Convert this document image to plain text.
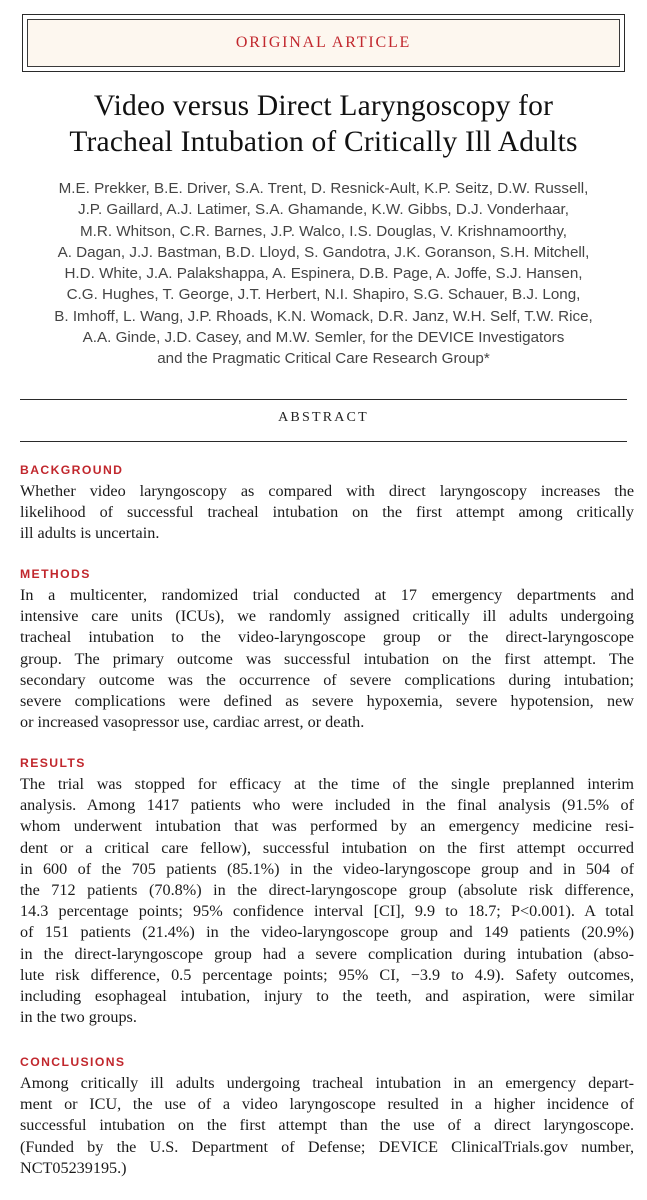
ORIGINAL ARTICLE
Video versus Direct Laryngoscopy for
Tracheal Intubation of Critically Ill Adults
M.E. Prekker, B.E. Driver, S.A. Trent, D. Resnick-Ault, K.P. Seitz, D.W. Russell,
J.P. Gaillard, A.J. Latimer, S.A. Ghamande, K.W. Gibbs, D.J. Vonderhaar,
M.R. Whitson, C.R. Barnes, J.P. Walco, I.S. Douglas, V. Krishnamoorthy,
A. Dagan, J.J. Bastman, B.D. Lloyd, S. Gandotra, J.K. Goranson, S.H. Mitchell,
H.D. White, J.A. Palakshappa, A. Espinera, D.B. Page, A. Joffe, S.J. Hansen,
C.G. Hughes, T. George, J.T. Herbert, N.I. Shapiro, S.G. Schauer, B.J. Long,
B. Imhoff, L. Wang, J.P. Rhoads, K.N. Womack, D.R. Janz, W.H. Self, T.W. Rice,
A.A. Ginde, J.D. Casey, and M.W. Semler, for the DEVICE Investigators
and the Pragmatic Critical Care Research Group*
ABSTRACT
BACKGROUND
Whether video laryngoscopy as compared with direct laryngoscopy increases the
likelihood of successful tracheal intubation on the first attempt among critically
ill adults is uncertain.
METHODS
In a multicenter, randomized trial conducted at 17 emergency departments and
intensive care units (ICUs), we randomly assigned critically ill adults undergoing
tracheal intubation to the video-laryngoscope group or the direct-laryngoscope
group. The primary outcome was successful intubation on the first attempt. The
secondary outcome was the occurrence of severe complications during intubation;
severe complications were defined as severe hypoxemia, severe hypotension, new
or increased vasopressor use, cardiac arrest, or death.
RESULTS
The trial was stopped for efficacy at the time of the single preplanned interim
analysis. Among 1417 patients who were included in the final analysis (91.5% of
whom underwent intubation that was performed by an emergency medicine resi-
dent or a critical care fellow), successful intubation on the first attempt occurred
in 600 of the 705 patients (85.1%) in the video-laryngoscope group and in 504 of
the 712 patients (70.8%) in the direct-laryngoscope group (absolute risk difference,
14.3 percentage points; 95% confidence interval [CI], 9.9 to 18.7; P<0.001). A total
of 151 patients (21.4%) in the video-laryngoscope group and 149 patients (20.9%)
in the direct-laryngoscope group had a severe complication during intubation (abso-
lute risk difference, 0.5 percentage points; 95% CI, −3.9 to 4.9). Safety outcomes,
including esophageal intubation, injury to the teeth, and aspiration, were similar
in the two groups.
CONCLUSIONS
Among critically ill adults undergoing tracheal intubation in an emergency depart-
ment or ICU, the use of a video laryngoscope resulted in a higher incidence of
successful intubation on the first attempt than the use of a direct laryngoscope.
(Funded by the U.S. Department of Defense; DEVICE ClinicalTrials.gov number,
NCT05239195.)
